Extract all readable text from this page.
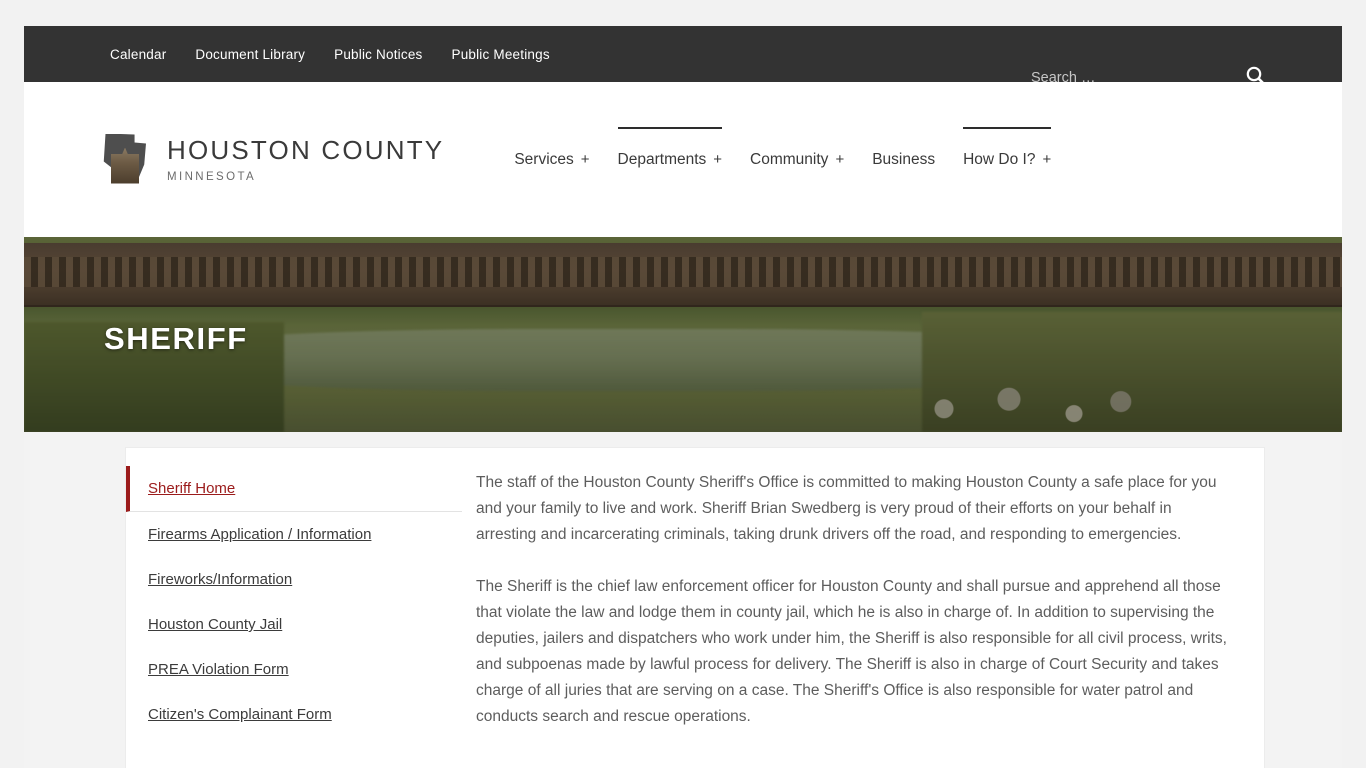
Calendar Document Library Public Notices Public Meetings
Search …
HOUSTON COUNTY
MINNESOTA
Services + Departments + Community + Business How Do I? +
SHERIFF
Sheriff Home
Firearms Application / Information
Fireworks/Information
Houston County Jail
PREA Violation Form
Citizen's Complainant Form

The staff of the Houston County Sheriff's Office is committed to making Houston County a safe place for you and your family to live and work. Sheriff Brian Swedberg is very proud of their efforts on your behalf in arresting and incarcerating criminals, taking drunk drivers off the road, and responding to emergencies.

The Sheriff is the chief law enforcement officer for Houston County and shall pursue and apprehend all those that violate the law and lodge them in county jail, which he is also in charge of. In addition to supervising the deputies, jailers and dispatchers who work under him, the Sheriff is also responsible for all civil process, writs, and subpoenas made by lawful process for delivery. The Sheriff is also in charge of Court Security and takes charge of all juries that are serving on a case. The Sheriff's Office is also responsible for water patrol and conducts search and rescue operations.
